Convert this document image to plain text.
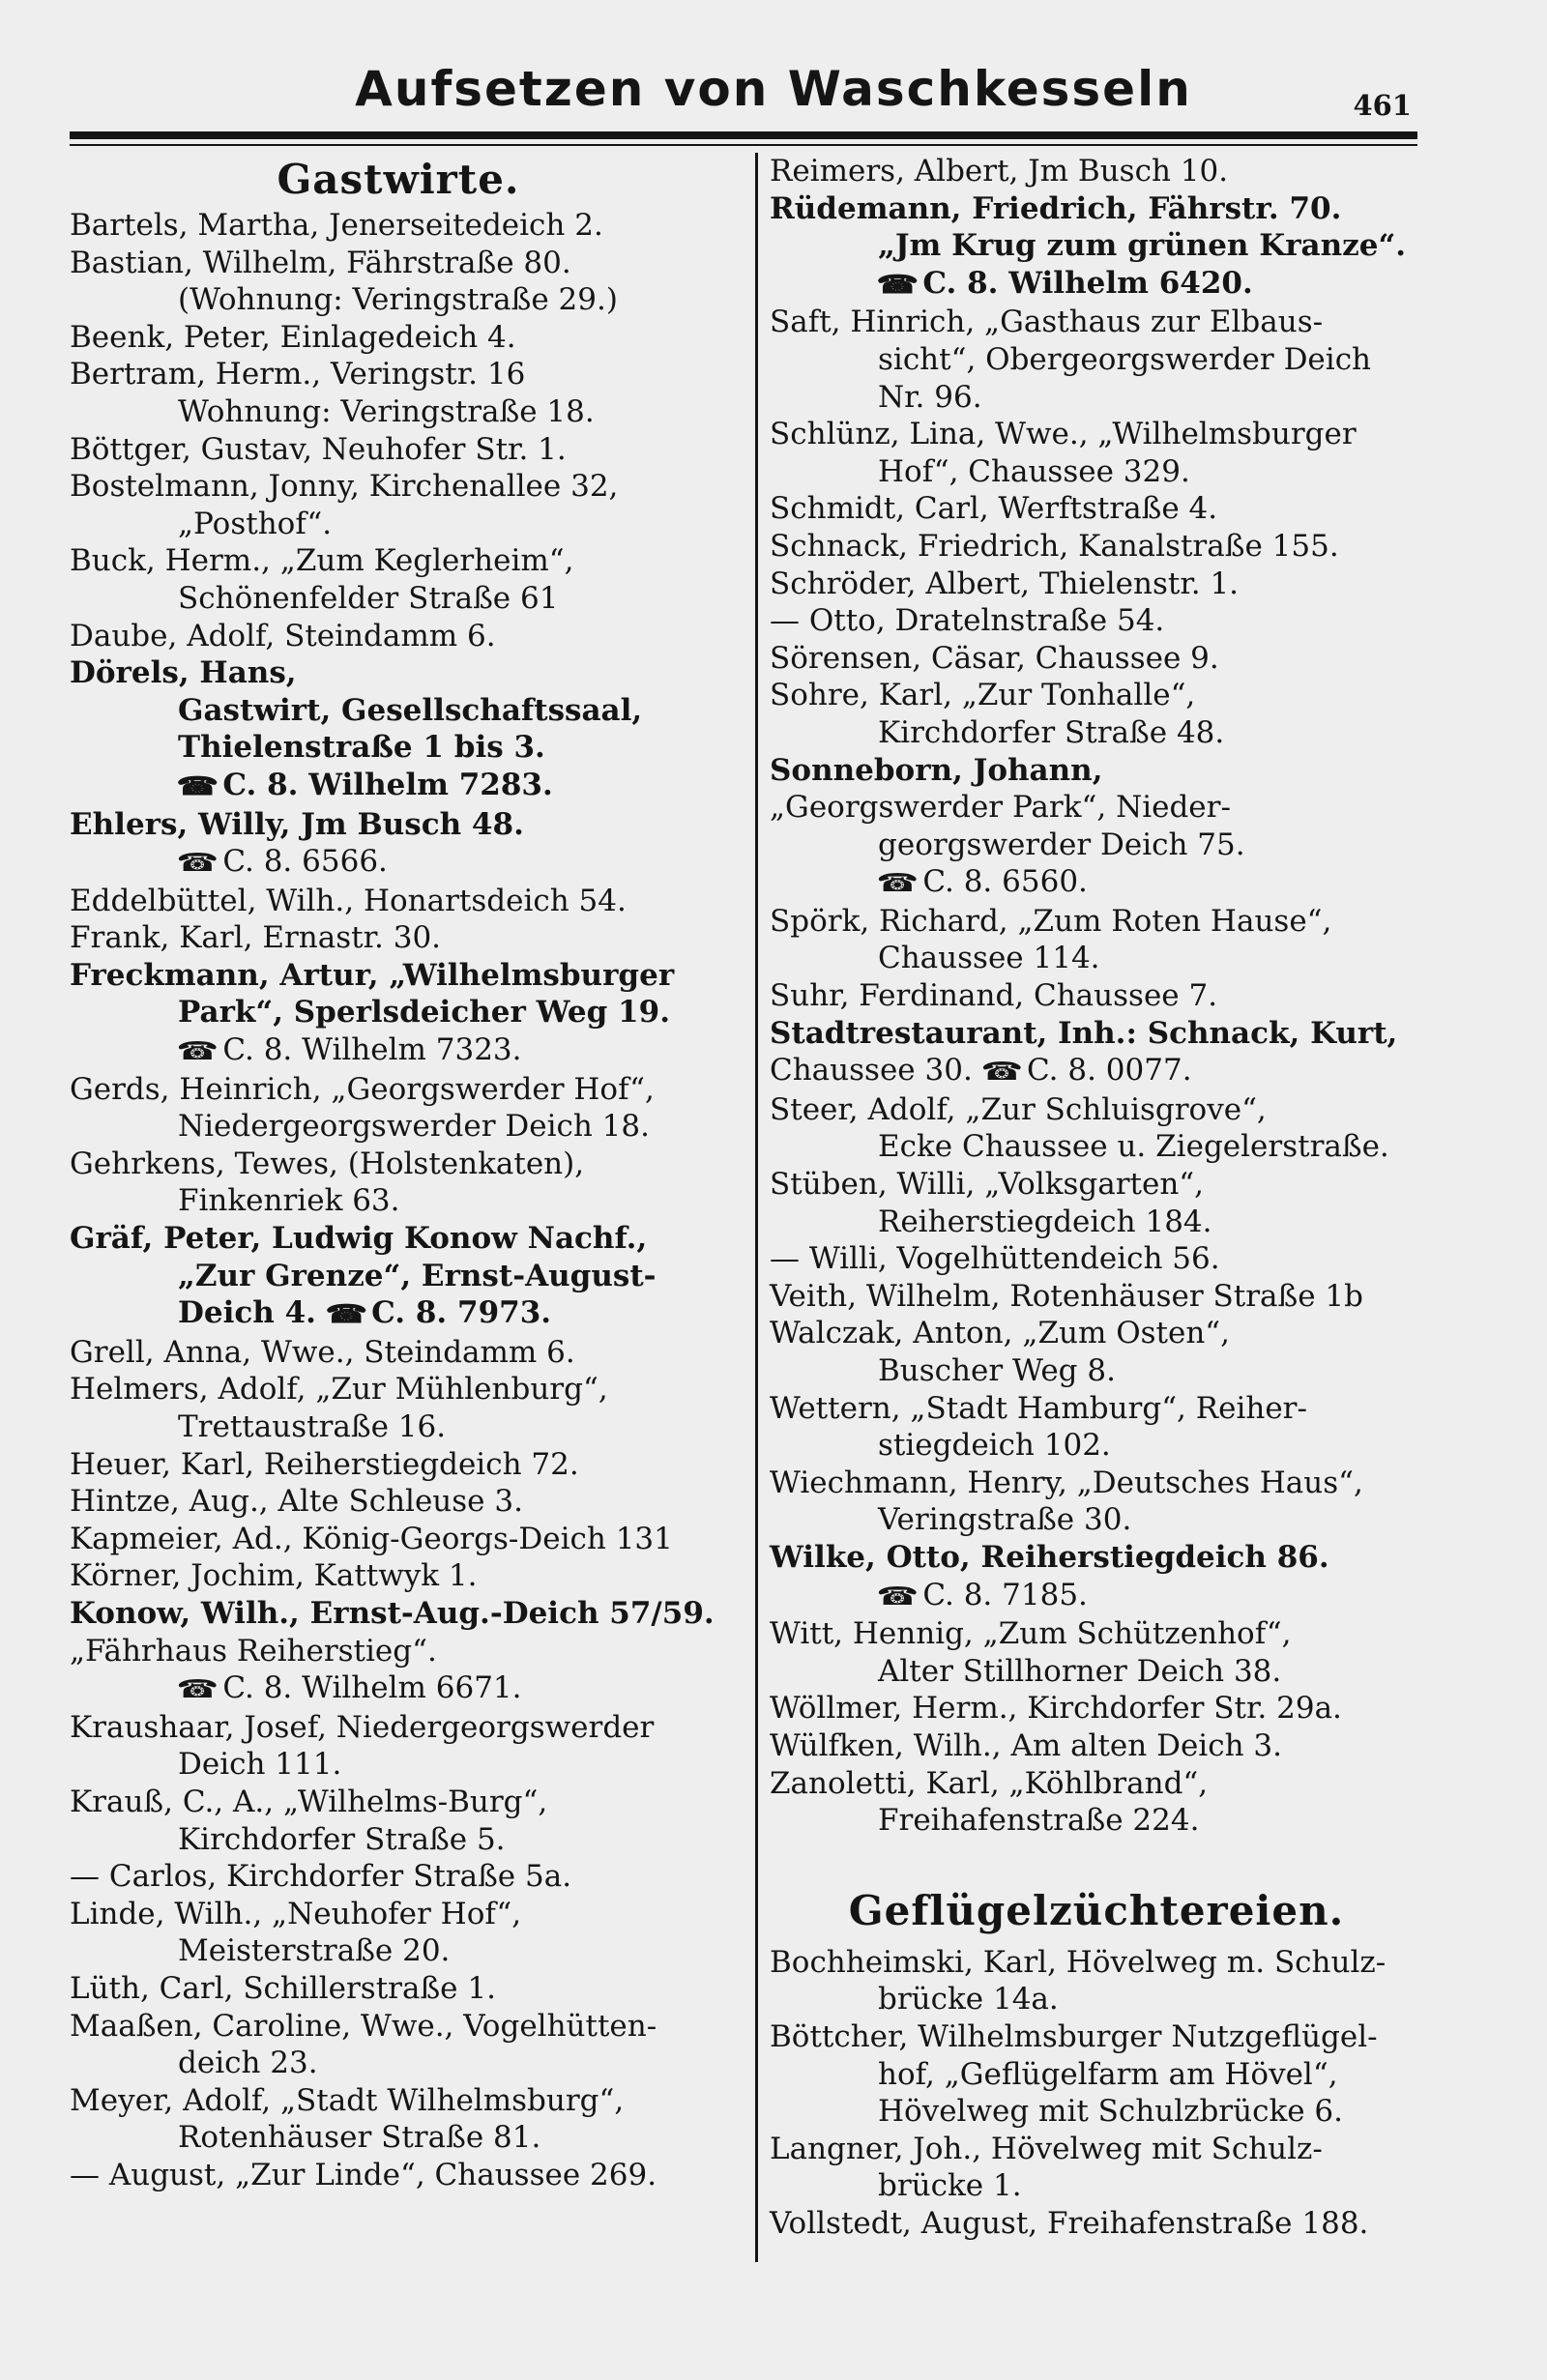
Aufsetzen von Waschkesseln	461
Gastwirte.

Bartels, Martha, Jenerseitedeich 2.

Bastian, Wilhelm, Fährstraße 80.
(Wohnung: Veringstraße 29.)

Beenk, Peter, Einlagedeich 4.

Bertram, Herm., Veringstr. 16
Wohnung: Veringstraße 18.

Böttger, Gustav, Neuhofer Str. 1.

Bostelmann, Jonny, Kirchenallee 32,
„Posthof“.

Buck, Herm., „Zum Keglerheim“,
Schönenfelder Straße 61

Daube, Adolf, Steindamm 6.

Dörels, Hans,
Gastwirt, Gesellschaftssaal,
Thielenstraße 1 bis 3.
☎ C. 8. Wilhelm 7283.

Ehlers, Willy, Jm Busch 48.

☎ C. 8. 6566.

Eddelbüttel, Wilh., Honartsdeich 54.

Frank, Karl, Ernastr. 30.

Freckmann, Artur, „Wilhelmsburger
Park“, Sperlsdeicher Weg 19.

☎ C. 8. Wilhelm 7323.

Gerds, Heinrich, „Georgswerder Hof“,
Niedergeorgswerder Deich 18.

Gehrkens, Tewes, (Holstenkaten),
Finkenriek 63.

Gräf, Peter, Ludwig Konow Nachf.,
„Zur Grenze“, Ernst-August-
Deich 4. ☎ C. 8. 7973.

Grell, Anna, Wwe., Steindamm 6.

Helmers, Adolf, „Zur Mühlenburg“,
Trettaustraße 16.

Heuer, Karl, Reiherstiegdeich 72.

Hintze, Aug., Alte Schleuse 3.

Kapmeier, Ad., König-Georgs-Deich 131

Körner, Jochim, Kattwyk 1.

Konow, Wilh., Ernst-Aug.-Deich 57/59.

„Fährhaus Reiherstieg“.
☎ C. 8. Wilhelm 6671.

Kraushaar, Josef, Niedergeorgswerder
Deich 111.

Krauß, C., A., „Wilhelms-Burg“,
Kirchdorfer Straße 5.

— Carlos, Kirchdorfer Straße 5a.

Linde, Wilh., „Neuhofer Hof“,
Meisterstraße 20.

Lüth, Carl, Schillerstraße 1.

Maaßen, Caroline, Wwe., Vogelhütten-
deich 23.

Meyer, Adolf, „Stadt Wilhelmsburg“,
Rotenhäuser Straße 81.

— August, „Zur Linde“, Chaussee 269.

Reimers, Albert, Jm Busch 10.

Rüdemann, Friedrich, Fährstr. 70.
„Jm Krug zum grünen Kranze“.
☎ C. 8. Wilhelm 6420.

Saft, Hinrich, „Gasthaus zur Elbaus-
sicht“, Obergeorgswerder Deich
Nr. 96.

Schlünz, Lina, Wwe., „Wilhelmsburger
Hof“, Chaussee 329.

Schmidt, Carl, Werftstraße 4.

Schnack, Friedrich, Kanalstraße 155.

Schröder, Albert, Thielenstr. 1.

— Otto, Dratelnstraße 54.

Sörensen, Cäsar, Chaussee 9.

Sohre, Karl, „Zur Tonhalle“,
Kirchdorfer Straße 48.

Sonneborn, Johann,

„Georgswerder Park“, Nieder-
georgswerder Deich 75.
☎ C. 8. 6560.

Spörk, Richard, „Zum Roten Hause“,
Chaussee 114.

Suhr, Ferdinand, Chaussee 7.

Stadtrestaurant, Inh.: Schnack, Kurt,

Chaussee 30. ☎ C. 8. 0077.

Steer, Adolf, „Zur Schluisgrove“,
Ecke Chaussee u. Ziegelerstraße.

Stüben, Willi, „Volksgarten“,
Reiherstiegdeich 184.

— Willi, Vogelhüttendeich 56.

Veith, Wilhelm, Rotenhäuser Straße 1b

Walczak, Anton, „Zum Osten“,
Buscher Weg 8.

Wettern, „Stadt Hamburg“, Reiher-
stiegdeich 102.

Wiechmann, Henry, „Deutsches Haus“,
Veringstraße 30.

Wilke, Otto, Reiherstiegdeich 86.

☎ C. 8. 7185.

Witt, Hennig, „Zum Schützenhof“,
Alter Stillhorner Deich 38.

Wöllmer, Herm., Kirchdorfer Str. 29a.

Wülfken, Wilh., Am alten Deich 3.

Zanoletti, Karl, „Köhlbrand“,
Freihafenstraße 224.

Geflügelzüchtereien.

Bochheimski, Karl, Hövelweg m. Schulz-
brücke 14a.

Böttcher, Wilhelmsburger Nutzgeflügel-
hof, „Geflügelfarm am Hövel“,
Hövelweg mit Schulzbrücke 6.

Langner, Joh., Hövelweg mit Schulz-
brücke 1.

Vollstedt, August, Freihafenstraße 188.
